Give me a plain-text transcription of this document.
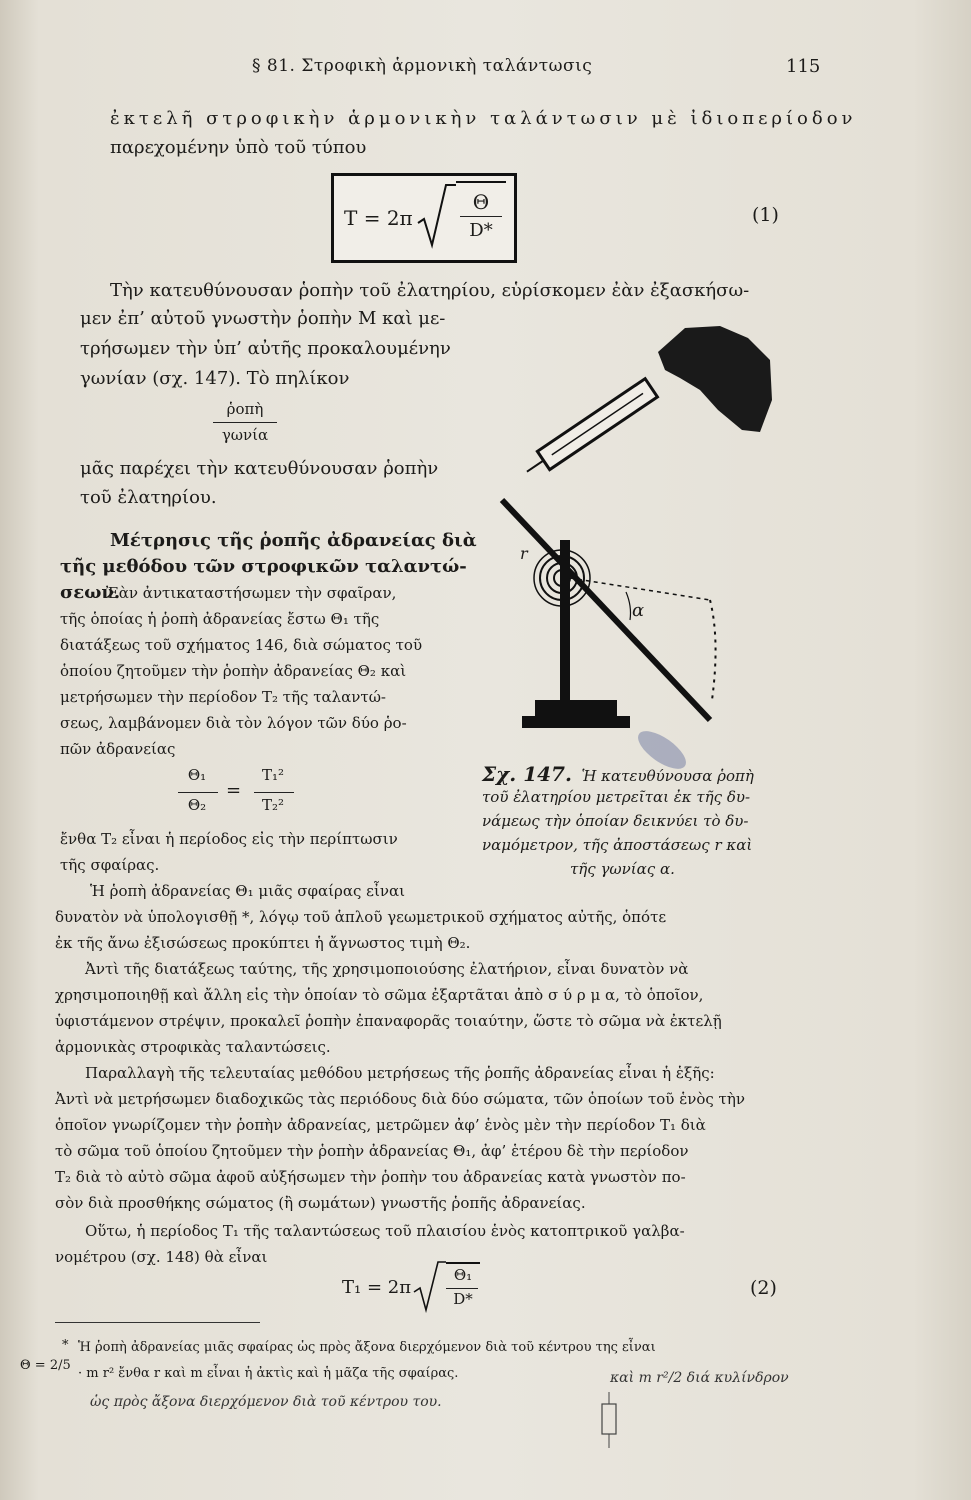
§ 81. Στροφικὴ ἁρμονικὴ ταλάντωσις	115
ἐκτελῆ στροφικὴν ἁρμονικὴν ταλάντωσιν μὲ ἰδιοπερίοδον
παρεχομένην ὑπὸ τοῦ τύπου
T = 2π
Θ
D*
(1)
Τὴν κατευθύνουσαν ῥοπὴν τοῦ ἐλατηρίου, εὑρίσκομεν ἐὰν ἐξασκήσω-
μεν ἐπ’ αὐτοῦ γνωστὴν ῥοπὴν Μ καὶ με-
τρήσωμεν τὴν ὑπ’ αὐτῆς προκαλουμένην
γωνίαν (σχ. 147). Τὸ πηλίκον
ῥοπὴ
γωνία
μᾶς παρέχει τὴν κατευθύνουσαν ῥοπὴν
τοῦ ἐλατηρίου.
Μέτρησις τῆς ῥοπῆς ἀδρανείας διὰ
τῆς μεθόδου τῶν στροφικῶν ταλαντώ-
σεων.
Ἐὰν ἀντικαταστήσωμεν τὴν σφαῖραν,
τῆς ὁποίας ἡ ῥοπὴ ἀδρανείας ἔστω Θ₁ τῆς
διατάξεως τοῦ σχήματος 146, διὰ σώματος τοῦ
ὁποίου ζητοῦμεν τὴν ῥοπὴν ἀδρανείας Θ₂ καὶ
μετρήσωμεν τὴν περίοδον Τ₂ τῆς ταλαντώ-
σεως, λαμβάνομεν διὰ τὸν λόγον τῶν δύο ῥο-
πῶν ἀδρανείας
Θ₁
Θ₂
=
Τ₁²
Τ₂²
ἔνθα Τ₂ εἶναι ἡ περίοδος εἰς τὴν περίπτωσιν
τῆς σφαίρας.
Ἡ ῥοπὴ ἀδρανείας Θ₁ μιᾶς σφαίρας εἶναι
δυνατὸν νὰ ὑπολογισθῇ *, λόγῳ τοῦ ἁπλοῦ γεωμετρικοῦ σχήματος αὐτῆς, ὁπότε
ἐκ τῆς ἄνω ἐξισώσεως προκύπτει ἡ ἄγνωστος τιμὴ Θ₂.
Ἀντὶ τῆς διατάξεως ταύτης, τῆς χρησιμοποιούσης ἐλατήριον, εἶναι δυνατὸν νὰ
χρησιμοποιηθῇ καὶ ἄλλη εἰς τὴν ὁποίαν τὸ σῶμα ἐξαρτᾶται ἀπὸ σ ύ ρ μ α, τὸ ὁποῖον,
ὑφιστάμενον στρέψιν, προκαλεῖ ῥοπὴν ἐπαναφορᾶς τοιαύτην, ὥστε τὸ σῶμα νὰ ἐκτελῇ
ἁρμονικὰς στροφικὰς ταλαντώσεις.
Παραλλαγὴ τῆς τελευταίας μεθόδου μετρήσεως τῆς ῥοπῆς ἀδρανείας εἶναι ἡ ἑξῆς:
Ἀντὶ νὰ μετρήσωμεν διαδοχικῶς τὰς περιόδους διὰ δύο σώματα, τῶν ὁποίων τοῦ ἑνὸς τὴν
ὁποῖον γνωρίζομεν τὴν ῥοπὴν ἀδρανείας, μετρῶμεν ἀφ’ ἑνὸς μὲν τὴν περίοδον Τ₁ διὰ
τὸ σῶμα τοῦ ὁποίου ζητοῦμεν τὴν ῥοπὴν ἀδρανείας Θ₁, ἀφ’ ἑτέρου δὲ τὴν περίοδον
Τ₂ διὰ τὸ αὐτὸ σῶμα ἀφοῦ αὐξήσωμεν τὴν ῥοπὴν του ἀδρανείας κατὰ γνωστὸν πο-
σὸν διὰ προσθήκης σώματος (ἢ σωμάτων) γνωστῆς ῥοπῆς ἀδρανείας.
Οὕτω, ἡ περίοδος Τ₁ τῆς ταλαντώσεως τοῦ πλαισίου ἑνὸς κατοπτρικοῦ γαλβα-
νομέτρου (σχ. 148) θὰ εἶναι
Τ₁ = 2π
Θ₁
D*	(2)
r
α
Σχ. 147. Ἡ κατευθύνουσα ῥοπὴ
τοῦ ἐλατηρίου μετρεῖται ἐκ τῆς δυ-
νάμεως τὴν ὁποίαν δεικνύει τὸ δυ-
ναμόμετρον, τῆς ἀποστάσεως r καὶ
τῆς γωνίας α.
* Ἡ ῥοπὴ ἀδρανείας μιᾶς σφαίρας ὡς πρὸς ἄξονα διερχόμενον διὰ τοῦ κέντρου της εἶναι
Θ = 2/5
· m r² ἔνθα r καὶ m εἶναι ἡ ἀκτὶς καὶ ἡ μᾶζα τῆς σφαίρας.	καὶ m r²/2 διά κυλίνδρον
ὡς πρὸς ἄξονα διερχόμενον διὰ τοῦ κέντρου του.
